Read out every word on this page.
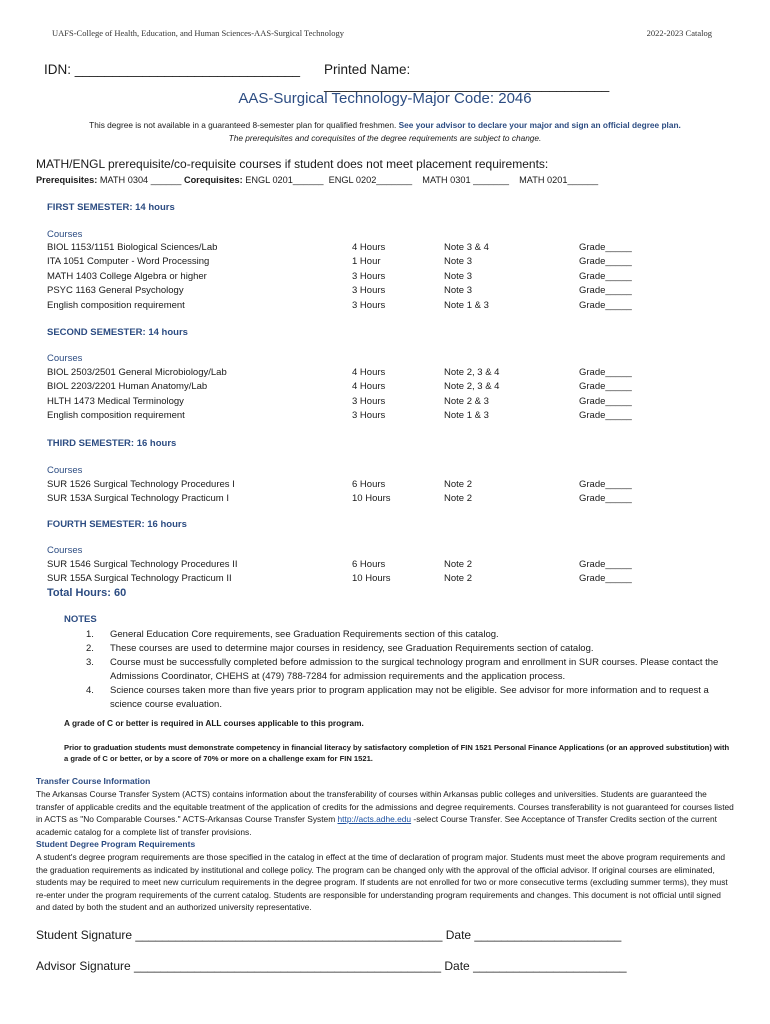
UAFS-College of Health, Education, and Human Sciences-AAS-Surgical Technology	2022-2023 Catalog
IDN: ______________________________ Printed Name: ______________________________________
AAS-Surgical Technology-Major Code: 2046
This degree is not available in a guaranteed 8-semester plan for qualified freshmen. See your advisor to declare your major and sign an official degree plan.
The prerequisites and corequisites of the degree requirements are subject to change.
MATH/ENGL prerequisite/co-requisite courses if student does not meet placement requirements:
Prerequisites: MATH 0304 ______ Corequisites: ENGL 0201______  ENGL 0202_______    MATH 0301 _______    MATH 0201______
FIRST SEMESTER: 14 hours
Courses
BIOL 1153/1151 Biological Sciences/Lab	4 Hours	Note 3 & 4	Grade_____
ITA 1051 Computer - Word Processing	1 Hour	Note 3	Grade_____
MATH 1403 College Algebra or higher	3 Hours	Note 3	Grade_____
PSYC 1163 General Psychology	3 Hours	Note 3	Grade_____
English composition requirement	3 Hours	Note 1 & 3	Grade_____
SECOND SEMESTER: 14 hours
Courses
BIOL 2503/2501 General Microbiology/Lab	4 Hours	Note 2, 3 & 4	Grade_____
BIOL 2203/2201 Human Anatomy/Lab	4 Hours	Note 2, 3 & 4	Grade_____
HLTH 1473 Medical Terminology	3 Hours	Note 2 & 3	Grade_____
English composition requirement	3 Hours	Note 1 & 3	Grade_____
THIRD SEMESTER: 16 hours
Courses
SUR 1526 Surgical Technology Procedures I	6 Hours	Note 2	Grade_____
SUR 153A Surgical Technology Practicum I	10 Hours	Note 2	Grade_____
FOURTH SEMESTER: 16 hours
Courses
SUR 1546 Surgical Technology Procedures II	6 Hours	Note 2	Grade_____
SUR 155A Surgical Technology Practicum II	10 Hours	Note 2	Grade_____
Total Hours: 60
NOTES
1. General Education Core requirements, see Graduation Requirements section of this catalog.
2. These courses are used to determine major courses in residency, see Graduation Requirements section of catalog.
3. Course must be successfully completed before admission to the surgical technology program and enrollment in SUR courses. Please contact the Admissions Coordinator, CHEHS at (479) 788-7284 for admission requirements and the application process.
4. Science courses taken more than five years prior to program application may not be eligible. See advisor for more information and to request a science course evaluation.
A grade of C or better is required in ALL courses applicable to this program.
Prior to graduation students must demonstrate competency in financial literacy by satisfactory completion of FIN 1521 Personal Finance Applications (or an approved substitution) with a grade of C or better, or by a score of 70% or more on a challenge exam for FIN 1521.
Transfer Course Information
The Arkansas Course Transfer System (ACTS) contains information about the transferability of courses within Arkansas public colleges and universities. Students are guaranteed the transfer of applicable credits and the equitable treatment of the application of credits for the admissions and degree requirements. Courses transferability is not guaranteed for courses listed in ACTS as "No Comparable Courses." ACTS-Arkansas Course Transfer System http://acts.adhe.edu -select Course Transfer. See Acceptance of Transfer Credits section of the current academic catalog for a complete list of transfer provisions.
Student Degree Program Requirements
A student's degree program requirements are those specified in the catalog in effect at the time of declaration of program major. Students must meet the above program requirements and the graduation requirements as indicated by institutional and college policy. The program can be changed only with the approval of the official advisor. If original courses are eliminated, students may be required to meet new curriculum requirements in the degree program. If students are not enrolled for two or more consecutive terms (excluding summer terms), they must re-enter under the program requirements of the current catalog. Students are responsible for understanding program requirements and changes. This document is not official until signed and dated by both the student and an authorized university representative.
Student Signature ______________________________________________ Date ______________________
Advisor Signature ______________________________________________ Date _______________________
